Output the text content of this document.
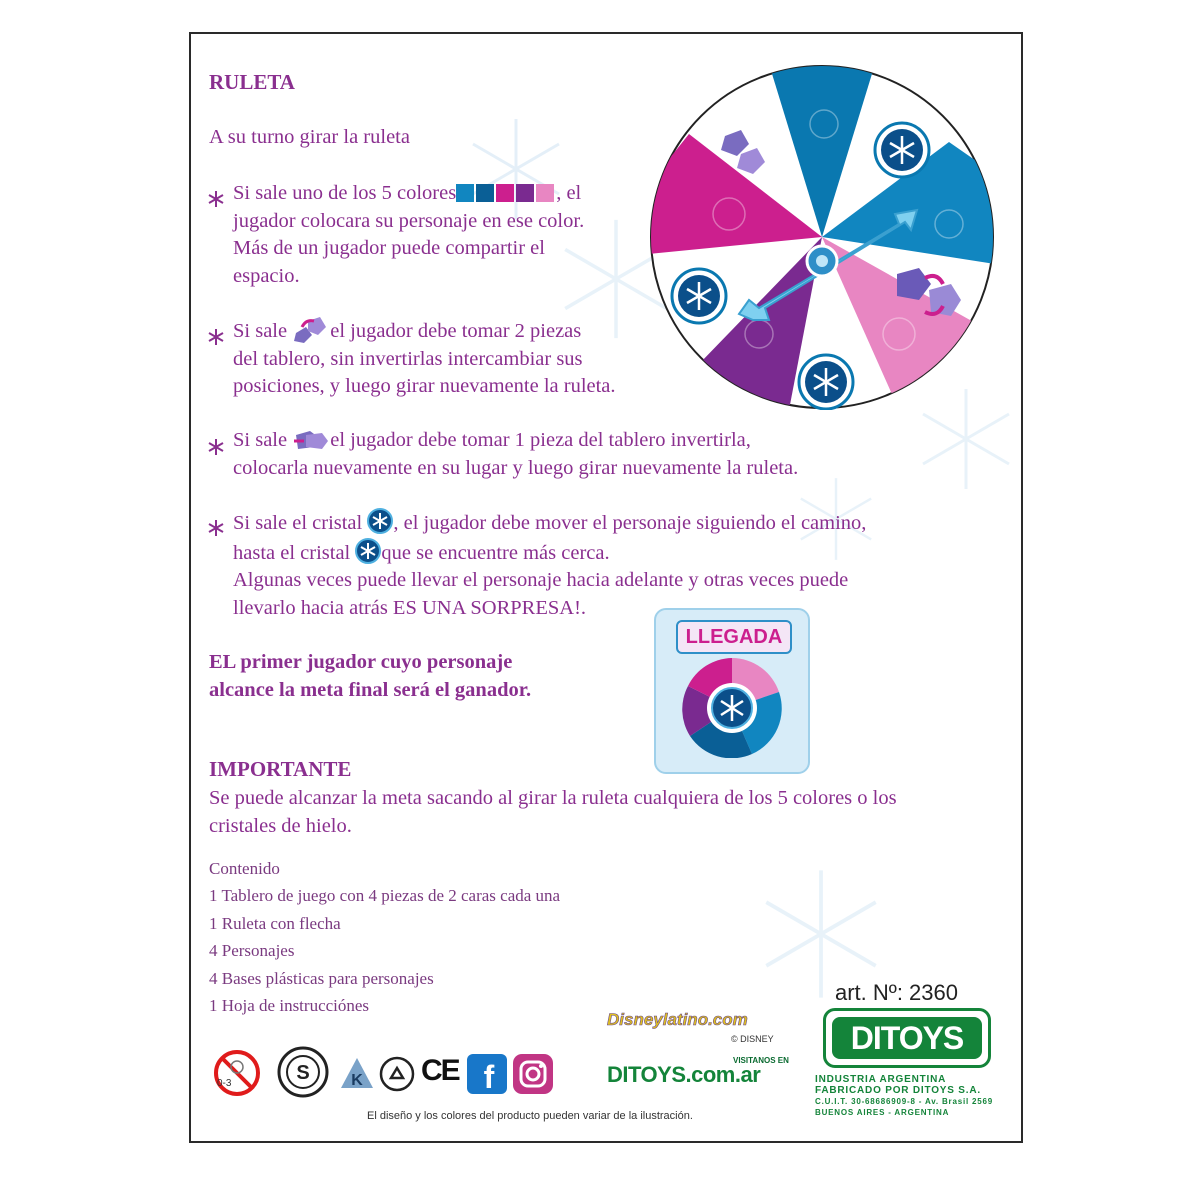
RULETA
A su turno girar la ruleta
Si sale uno de los 5 colores	, el
jugador colocara su personaje en ese color.
Más de un jugador puede compartir el
espacio.
Si sale el jugador debe tomar 2 piezas
del tablero, sin invertirlas intercambiar sus
posiciones, y luego girar nuevamente la ruleta.
Si sale el jugador debe tomar 1 pieza del tablero invertirla,
colocarla nuevamente en su lugar y luego girar nuevamente la ruleta.
Si sale el cristal , el jugador debe mover el personaje siguiendo el camino,
hasta el cristal que se encuentre más cerca.
Algunas veces puede llevar el personaje hacia adelante y otras veces puede
llevarlo hacia atrás ES UNA SORPRESA!.
EL primer jugador cuyo personaje
alcance la meta final será el ganador.
LLEGADA
IMPORTANTE
Se puede alcanzar la meta sacando al girar la ruleta cualquiera de los 5 colores o los
cristales de hielo.
Contenido
1 Tablero de juego con 4 piezas de 2 caras cada una
1 Ruleta con flecha
4 Personajes
4 Bases plásticas para personajes
1 Hoja de instrucciónes
0-3	S	K CE f
Disneylatino.com
© DISNEY
VISITANOS EN
DITOYS.com.ar
El diseño y los colores del producto pueden variar de la ilustración.
art. Nº: 2360
DITOYS
INDUSTRIA ARGENTINA
FABRICADO POR DITOYS S.A.
C.U.I.T. 30-68686909-8 - Av. Brasil 2569
BUENOS AIRES - ARGENTINA
